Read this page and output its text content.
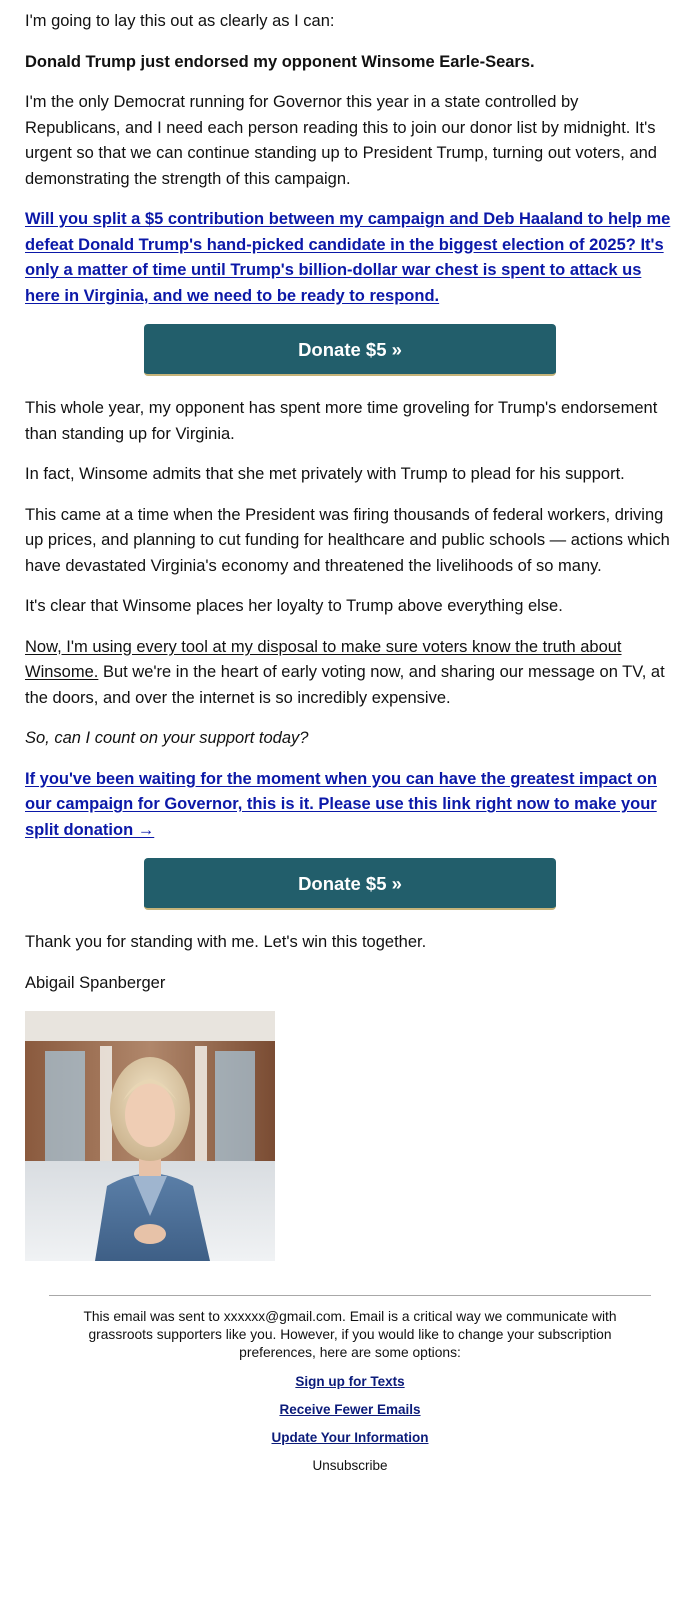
I'm going to lay this out as clearly as I can:

Donald Trump just endorsed my opponent Winsome Earle-Sears.

I'm the only Democrat running for Governor this year in a state controlled by Republicans, and I need each person reading this to join our donor list by midnight. It's urgent so that we can continue standing up to President Trump, turning out voters, and demonstrating the strength of this campaign.

Will you split a $5 contribution between my campaign and Deb Haaland to help me defeat Donald Trump's hand-picked candidate in the biggest election of 2025? It's only a matter of time until Trump's billion-dollar war chest is spent to attack us here in Virginia, and we need to be ready to respond.

Donate $5 »

This whole year, my opponent has spent more time groveling for Trump's endorsement than standing up for Virginia.

In fact, Winsome admits that she met privately with Trump to plead for his support.

This came at a time when the President was firing thousands of federal workers, driving up prices, and planning to cut funding for healthcare and public schools — actions which have devastated Virginia's economy and threatened the livelihoods of so many.

It's clear that Winsome places her loyalty to Trump above everything else.

Now, I'm using every tool at my disposal to make sure voters know the truth about Winsome. But we're in the heart of early voting now, and sharing our message on TV, at the doors, and over the internet is so incredibly expensive.

So, can I count on your support today?

If you've been waiting for the moment when you can have the greatest impact on our campaign for Governor, this is it. Please use this link right now to make your split donation →

Donate $5 »

Thank you for standing with me. Let's win this together.

Abigail Spanberger

This email was sent to xxxxxx@gmail.com. Email is a critical way we communicate with grassroots supporters like you. However, if you would like to change your subscription preferences, here are some options:

Sign up for Texts
Receive Fewer Emails
Update Your Information
Unsubscribe
